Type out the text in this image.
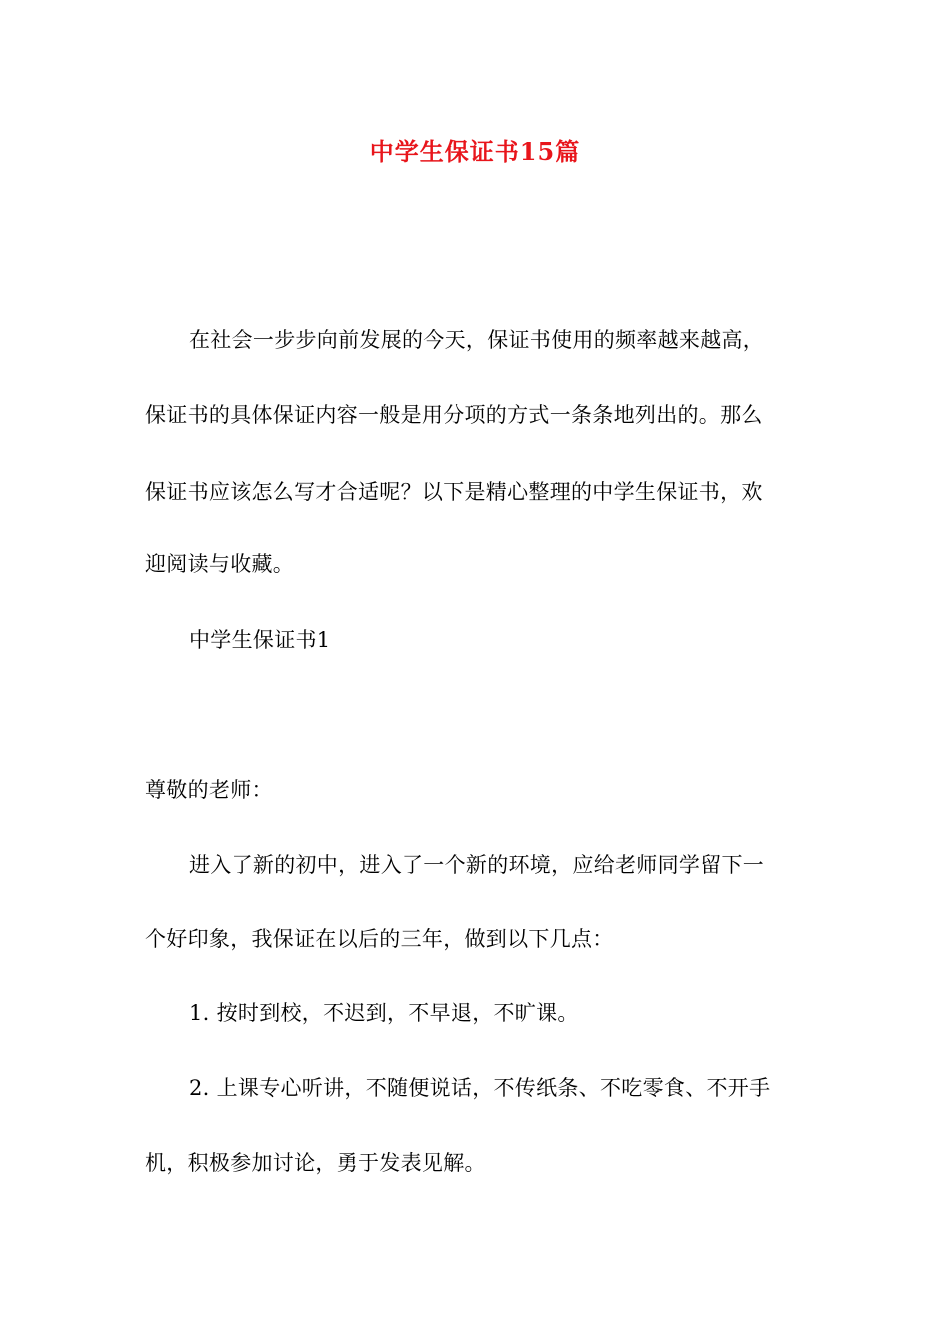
中学生保证书15篇
在社会一步步向前发展的今天，保证书使用的频率越来越高，
保证书的具体保证内容一般是用分项的方式一条条地列出的。那么
保证书应该怎么写才合适呢？以下是精心整理的中学生保证书，欢
迎阅读与收藏。
中学生保证书1
尊敬的老师：
进入了新的初中，进入了一个新的环境，应给老师同学留下一
个好印象，我保证在以后的三年，做到以下几点：
1. 按时到校，不迟到，不早退，不旷课。
2. 上课专心听讲，不随便说话，不传纸条、不吃零食、不开手
机，积极参加讨论，勇于发表见解。
